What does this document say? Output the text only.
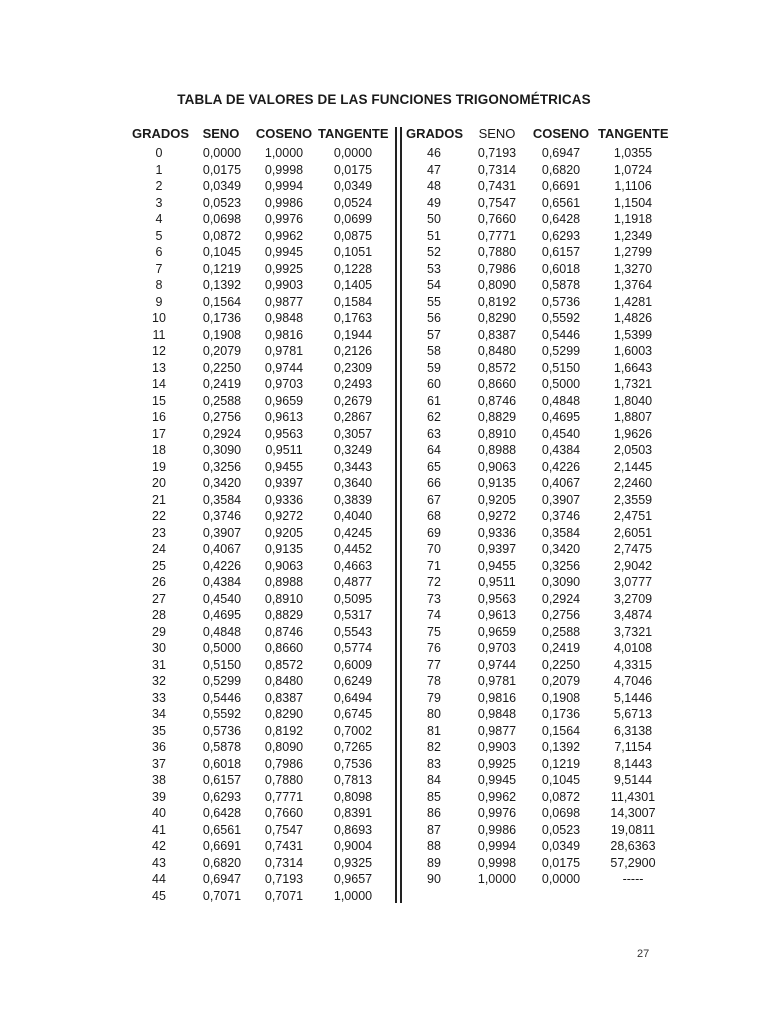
TABLA DE VALORES DE LAS FUNCIONES TRIGONOMÉTRICAS
GRADOS	SENO	COSENO TANGENTE GRADOS	SENO	COSENO TANGENTE
0	0,0000	1,0000	0,0000
1	0,0175	0,9998	0,0175
2	0,0349	0,9994	0,0349
3	0,0523	0,9986	0,0524
4	0,0698	0,9976	0,0699
5	0,0872	0,9962	0,0875
6	0,1045	0,9945	0,1051
7	0,1219	0,9925	0,1228
8	0,1392	0,9903	0,1405
9	0,1564	0,9877	0,1584
10	0,1736	0,9848	0,1763
11	0,1908	0,9816	0,1944
12	0,2079	0,9781	0,2126
13	0,2250	0,9744	0,2309
14	0,2419	0,9703	0,2493
15	0,2588	0,9659	0,2679
16	0,2756	0,9613	0,2867
17	0,2924	0,9563	0,3057
18	0,3090	0,9511	0,3249
19	0,3256	0,9455	0,3443
20	0,3420	0,9397	0,3640
21	0,3584	0,9336	0,3839
22	0,3746	0,9272	0,4040
23	0,3907	0,9205	0,4245
24	0,4067	0,9135	0,4452
25	0,4226	0,9063	0,4663
26	0,4384	0,8988	0,4877
27	0,4540	0,8910	0,5095
28	0,4695	0,8829	0,5317
29	0,4848	0,8746	0,5543
30	0,5000	0,8660	0,5774
31	0,5150	0,8572	0,6009
32	0,5299	0,8480	0,6249
33	0,5446	0,8387	0,6494
34	0,5592	0,8290	0,6745
35	0,5736	0,8192	0,7002
36	0,5878	0,8090	0,7265
37	0,6018	0,7986	0,7536
38	0,6157	0,7880	0,7813
39	0,6293	0,7771	0,8098
40	0,6428	0,7660	0,8391
41	0,6561	0,7547	0,8693
42	0,6691	0,7431	0,9004
43	0,6820	0,7314	0,9325
44	0,6947	0,7193	0,9657
45	0,7071	0,7071	1,0000
46	0,7193	0,6947	1,0355
47	0,7314	0,6820	1,0724
48	0,7431	0,6691	1,1106
49	0,7547	0,6561	1,1504
50	0,7660	0,6428	1,1918
51	0,7771	0,6293	1,2349
52	0,7880	0,6157	1,2799
53	0,7986	0,6018	1,3270
54	0,8090	0,5878	1,3764
55	0,8192	0,5736	1,4281
56	0,8290	0,5592	1,4826
57	0,8387	0,5446	1,5399
58	0,8480	0,5299	1,6003
59	0,8572	0,5150	1,6643
60	0,8660	0,5000	1,7321
61	0,8746	0,4848	1,8040
62	0,8829	0,4695	1,8807
63	0,8910	0,4540	1,9626
64	0,8988	0,4384	2,0503
65	0,9063	0,4226	2,1445
66	0,9135	0,4067	2,2460
67	0,9205	0,3907	2,3559
68	0,9272	0,3746	2,4751
69	0,9336	0,3584	2,6051
70	0,9397	0,3420	2,7475
71	0,9455	0,3256	2,9042
72	0,9511	0,3090	3,0777
73	0,9563	0,2924	3,2709
74	0,9613	0,2756	3,4874
75	0,9659	0,2588	3,7321
76	0,9703	0,2419	4,0108
77	0,9744	0,2250	4,3315
78	0,9781	0,2079	4,7046
79	0,9816	0,1908	5,1446
80	0,9848	0,1736	5,6713
81	0,9877	0,1564	6,3138
82	0,9903	0,1392	7,1154
83	0,9925	0,1219	8,1443
84	0,9945	0,1045	9,5144
85	0,9962	0,0872	11,4301
86	0,9976	0,0698	14,3007
87	0,9986	0,0523	19,0811
88	0,9994	0,0349	28,6363
89	0,9998	0,0175	57,2900
90	1,0000	0,0000	-----
27
